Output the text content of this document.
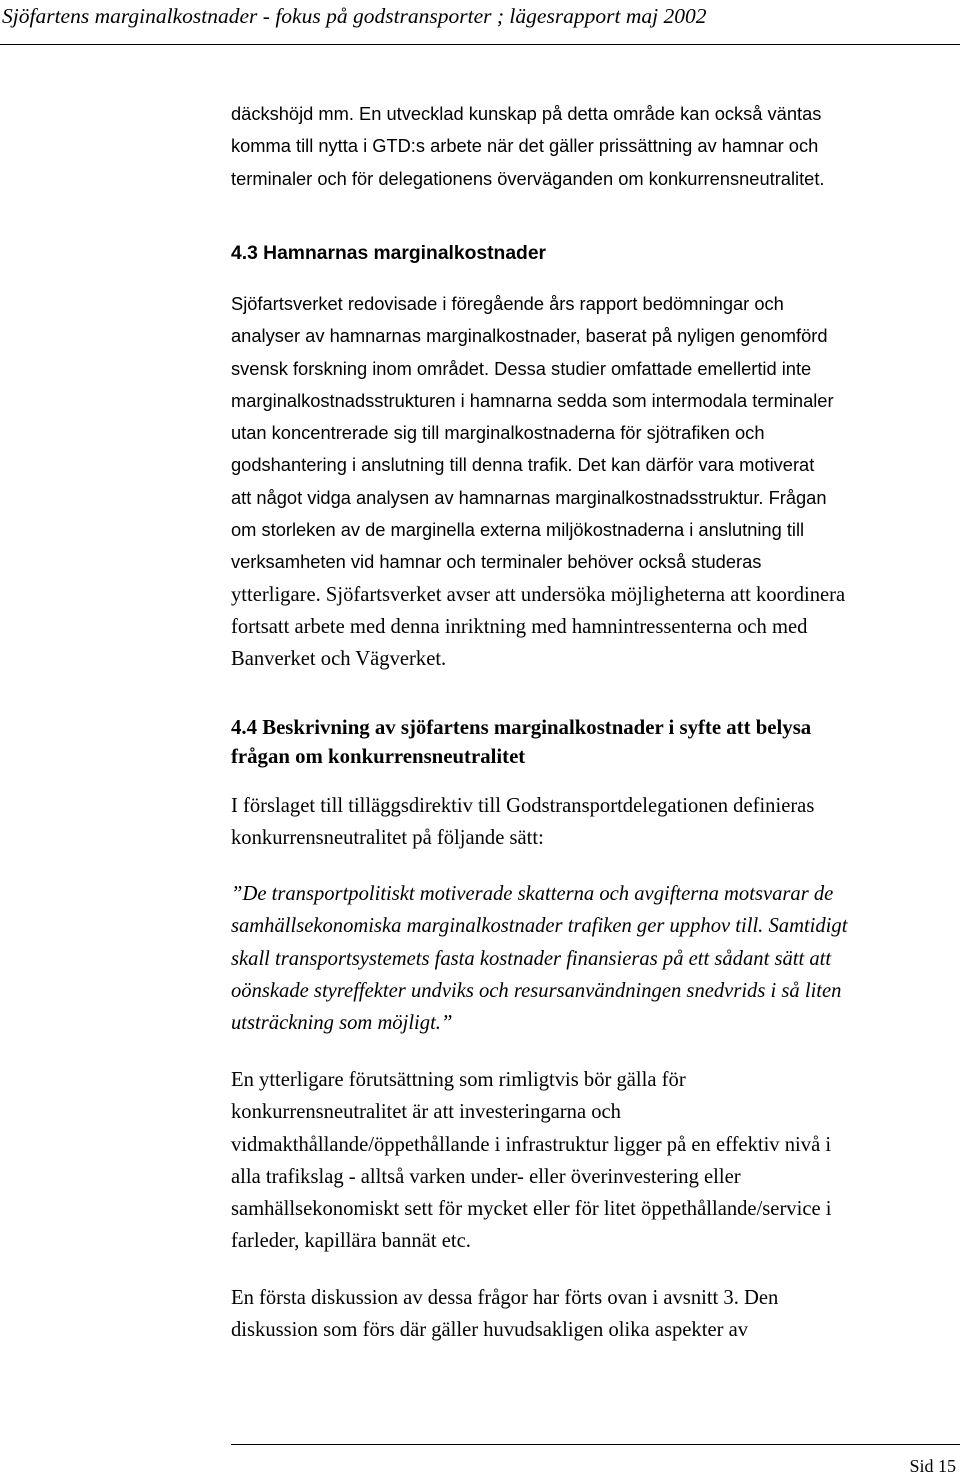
Sjöfartens marginalkostnader - fokus på godstransporter ; lägesrapport maj 2002
däckshöjd mm. En utvecklad kunskap på detta område kan också väntas
komma till nytta i GTD:s arbete när det gäller prissättning av hamnar och
terminaler och för delegationens överväganden om konkurrensneutralitet.
4.3 Hamnarnas marginalkostnader
Sjöfartsverket redovisade i föregående års rapport bedömningar och
analyser av hamnarnas marginalkostnader, baserat på nyligen genomförd
svensk forskning inom området. Dessa studier omfattade emellertid inte
marginalkostnadsstrukturen i hamnarna sedda som intermodala terminaler
utan koncentrerade sig till marginalkostnaderna för sjötrafiken och
godshantering i anslutning till denna trafik. Det kan därför vara motiverat
att något vidga analysen av hamnarnas marginalkostnadsstruktur. Frågan
om storleken av de marginella externa miljökostnaderna i anslutning till
verksamheten vid hamnar och terminaler behöver också studeras
ytterligare. Sjöfartsverket avser att undersöka möjligheterna att koordinera
fortsatt arbete med denna inriktning med hamnintressenterna och med
Banverket och Vägverket.
4.4 Beskrivning av sjöfartens marginalkostnader i syfte att belysa
frågan om konkurrensneutralitet
I förslaget till tilläggsdirektiv till Godstransportdelegationen definieras
konkurrensneutralitet på följande sätt:
”De transportpolitiskt motiverade skatterna och avgifterna motsvarar de
samhällsekonomiska marginalkostnader trafiken ger upphov till. Samtidigt
skall transportsystemets fasta kostnader finansieras på ett sådant sätt att
oönskade styreffekter undviks och resursanvändningen snedvrids i så liten
utsträckning som möjligt.”
En ytterligare förutsättning som rimligtvis bör gälla för
konkurrensneutralitet är att investeringarna och
vidmakthållande/öppethållande i infrastruktur ligger på en effektiv nivå i
alla trafikslag - alltså varken under- eller överinvestering eller
samhällsekonomiskt sett för mycket eller för litet öppethållande/service i
farleder, kapillära bannät etc.
En första diskussion av dessa frågor har förts ovan i avsnitt 3. Den
diskussion som förs där gäller huvudsakligen olika aspekter av
Sid 15
